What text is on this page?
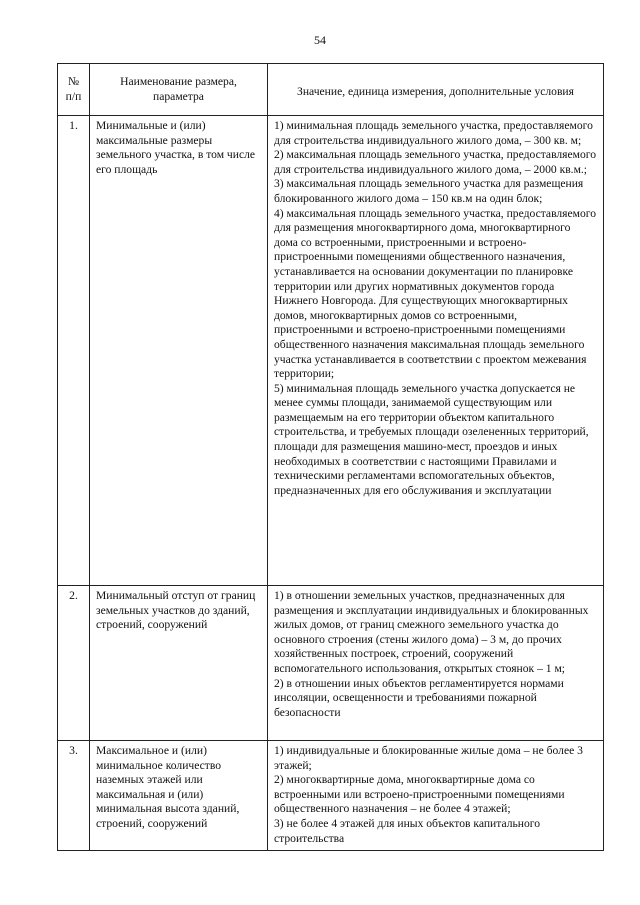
54
№
п/п	Наименование размера, параметра	Значение, единица измерения, дополнительные условия
1.	Минимальные и (или) максимальные размеры земельного участка, в том числе его площадь	1) минимальная площадь земельного участка, предоставляемого для строительства индивидуального жилого дома, – 300 кв. м;
2) максимальная площадь земельного участка, предоставляемого для строительства индивидуального жилого дома, – 2000 кв.м.;
3) максимальная площадь земельного участка для размещения блокированного жилого дома – 150 кв.м на один блок;
4) максимальная площадь земельного участка, предоставляемого для размещения многоквартирного дома, многоквартирного дома со встроенными, пристроенными и встроено-пристроенными помещениями общественного назначения, устанавливается на основании документации по планировке территории или других нормативных документов города Нижнего Новгорода. Для существующих многоквартирных домов, многоквартирных домов со встроенными, пристроенными и встроено-пристроенными помещениями общественного назначения максимальная площадь земельного участка устанавливается в соответствии с проектом межевания территории;
5) минимальная площадь земельного участка допускается не менее суммы площади, занимаемой существующим или размещаемым на его территории объектом капитального строительства, и требуемых площади озелененных территорий, площади для размещения машино-мест, проездов и иных необходимых в соответствии с настоящими Правилами и техническими регламентами вспомогательных объектов, предназначенных для его обслуживания и эксплуатации

2.	Минимальный отступ от границ земельных участков до зданий, строений, сооружений	1) в отношении земельных участков, предназначенных для размещения и эксплуатации индивидуальных и блокированных жилых домов, от границ смежного земельного участка до основного строения (стены жилого дома) – 3 м, до прочих хозяйственных построек, строений, сооружений вспомогательного использования, открытых стоянок – 1 м;
2) в отношении иных объектов регламентируется нормами инсоляции, освещенности и требованиями пожарной безопасности

3.	Максимальное и (или) минимальное количество наземных этажей или максимальная и (или) минимальная высота зданий, строений, сооружений	1) индивидуальные и блокированные жилые дома – не более 3 этажей;
2) многоквартирные дома, многоквартирные дома со встроенными или встроено-пристроенными помещениями общественного назначения – не более 4 этажей;
3) не более 4 этажей для иных объектов капитального строительства
